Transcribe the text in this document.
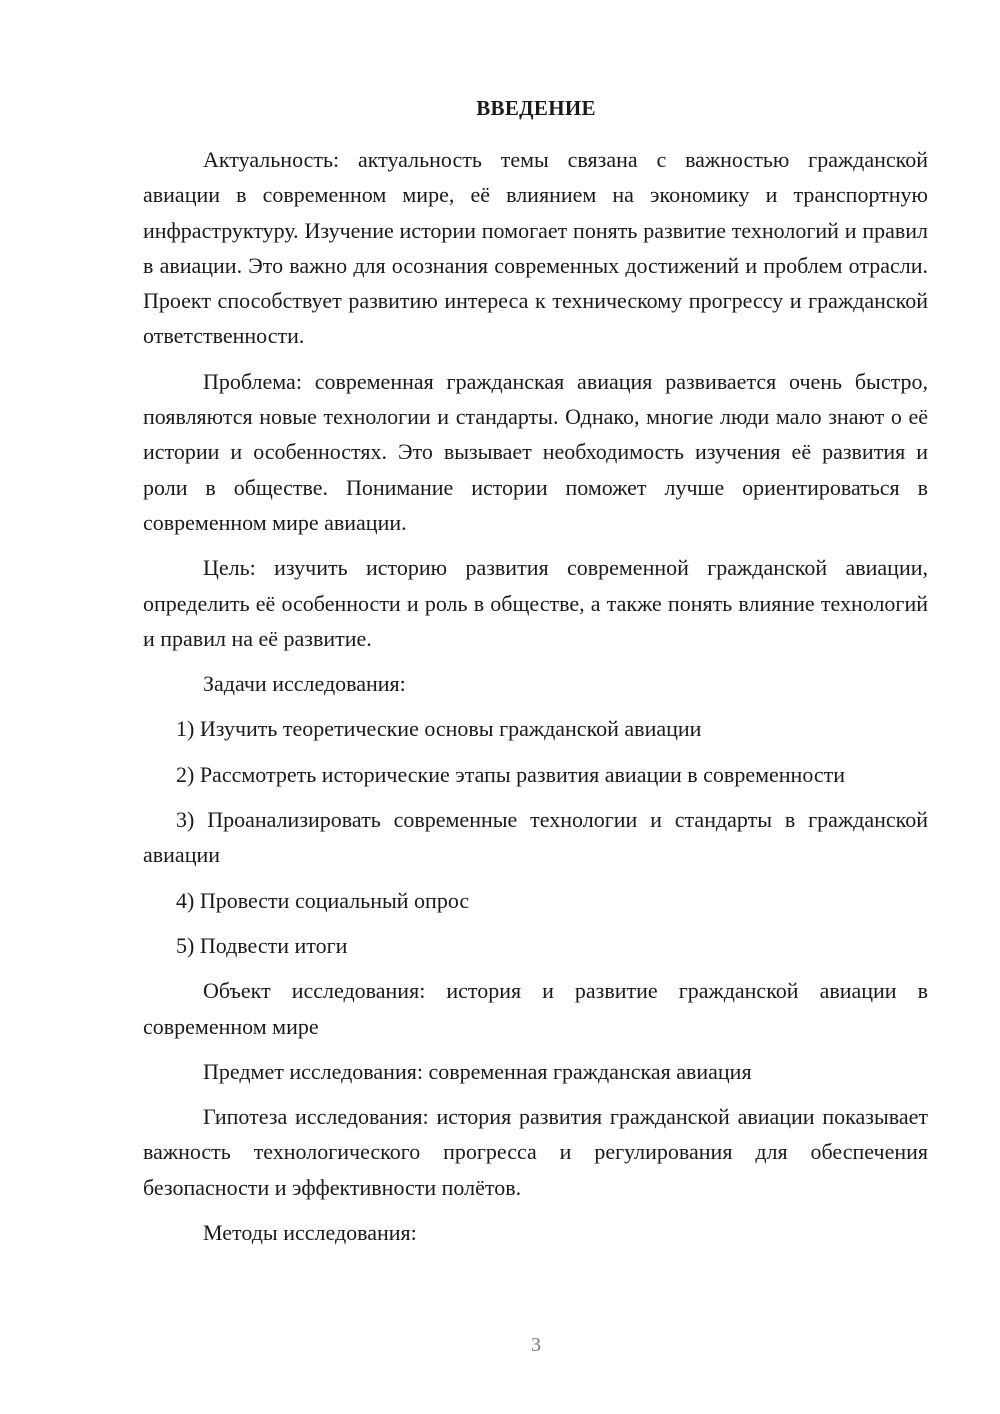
ВВЕДЕНИЕ

Актуальность: актуальность темы связана с важностью гражданской авиации в современном мире, её влиянием на экономику и транспортную инфраструктуру. Изучение истории помогает понять развитие технологий и правил в авиации. Это важно для осознания современных достижений и проблем отрасли. Проект способствует развитию интереса к техническому прогрессу и гражданской ответственности.

Проблема: современная гражданская авиация развивается очень быстро, появляются новые технологии и стандарты. Однако, многие люди мало знают о её истории и особенностях. Это вызывает необходимость изучения её развития и роли в обществе. Понимание истории поможет лучше ориентироваться в современном мире авиации.

Цель: изучить историю развития современной гражданской авиации, определить её особенности и роль в обществе, а также понять влияние технологий и правил на её развитие.

Задачи исследования:

1) Изучить теоретические основы гражданской авиации

2) Рассмотреть исторические этапы развития авиации в современности

3) Проанализировать современные технологии и стандарты в гражданской авиации

4) Провести социальный опрос

5) Подвести итоги

Объект исследования: история и развитие гражданской авиации в современном мире

Предмет исследования: современная гражданская авиация

Гипотеза исследования: история развития гражданской авиации показывает важность технологического прогресса и регулирования для обеспечения безопасности и эффективности полётов.

Методы исследования:

3
